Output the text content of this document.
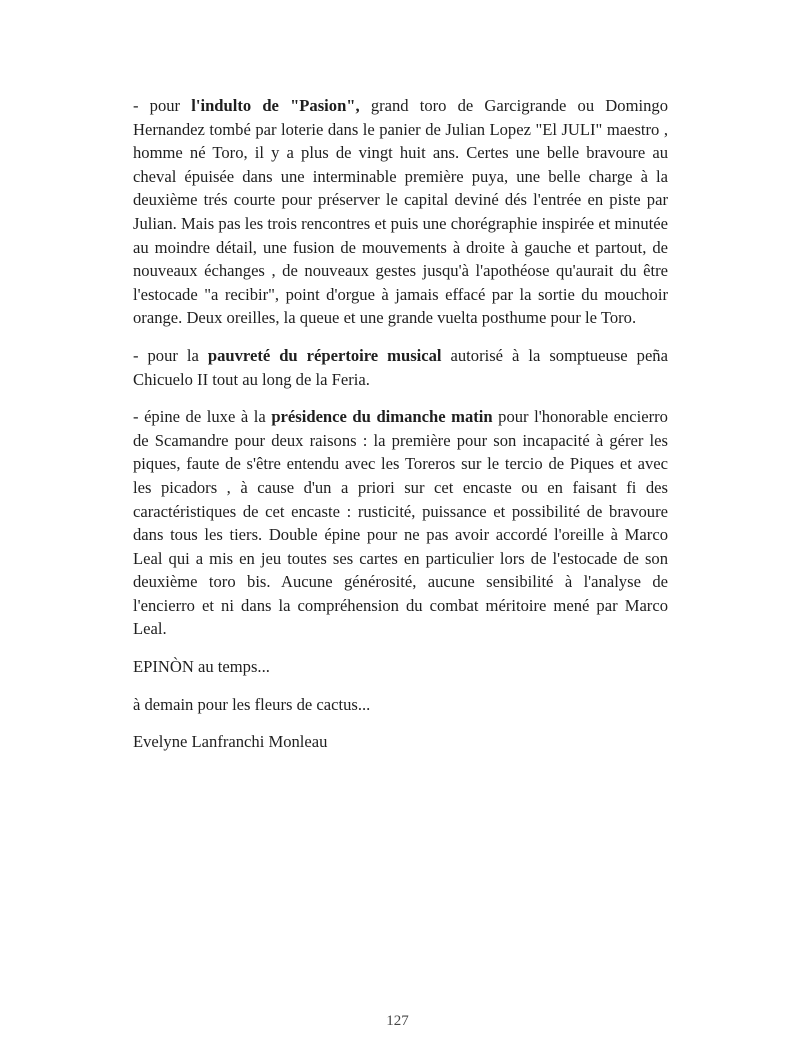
- pour l'indulto de "Pasion", grand toro de Garcigrande ou Domingo Hernandez tombé par loterie dans le panier de Julian Lopez "El JULI" maestro , homme né Toro, il y a plus de vingt huit ans. Certes une belle bravoure au cheval épuisée dans une interminable première puya, une belle charge à la deuxième trés courte pour préserver le capital deviné dés l'entrée en piste par Julian. Mais pas les trois rencontres et puis une chorégraphie inspirée et minutée au moindre détail, une fusion de mouvements à droite à gauche et partout, de nouveaux échanges , de nouveaux gestes jusqu'à l'apothéose qu'aurait du être l'estocade "a recibir", point d'orgue à jamais effacé par la sortie du mouchoir orange. Deux oreilles, la queue et une grande vuelta posthume pour le Toro.

- pour la pauvreté du répertoire musical autorisé à la somptueuse peña Chicuelo II tout au long de la Feria.

- épine de luxe à la présidence du dimanche matin pour l'honorable encierro de Scamandre pour deux raisons : la première pour son incapacité à gérer les piques, faute de s'être entendu avec les Toreros sur le tercio de Piques et avec les picadors , à cause d'un a priori sur cet encaste ou en faisant fi des caractéristiques de cet encaste : rusticité, puissance et possibilité de bravoure dans tous les tiers. Double épine pour ne pas avoir accordé l'oreille à Marco Leal qui a mis en jeu toutes ses cartes en particulier lors de l'estocade de son deuxième toro bis. Aucune générosité, aucune sensibilité à l'analyse de l'encierro et ni dans la compréhension du combat méritoire mené par Marco Leal.

EPINÒN au temps...

à demain pour les fleurs de cactus...

Evelyne Lanfranchi Monleau

127
